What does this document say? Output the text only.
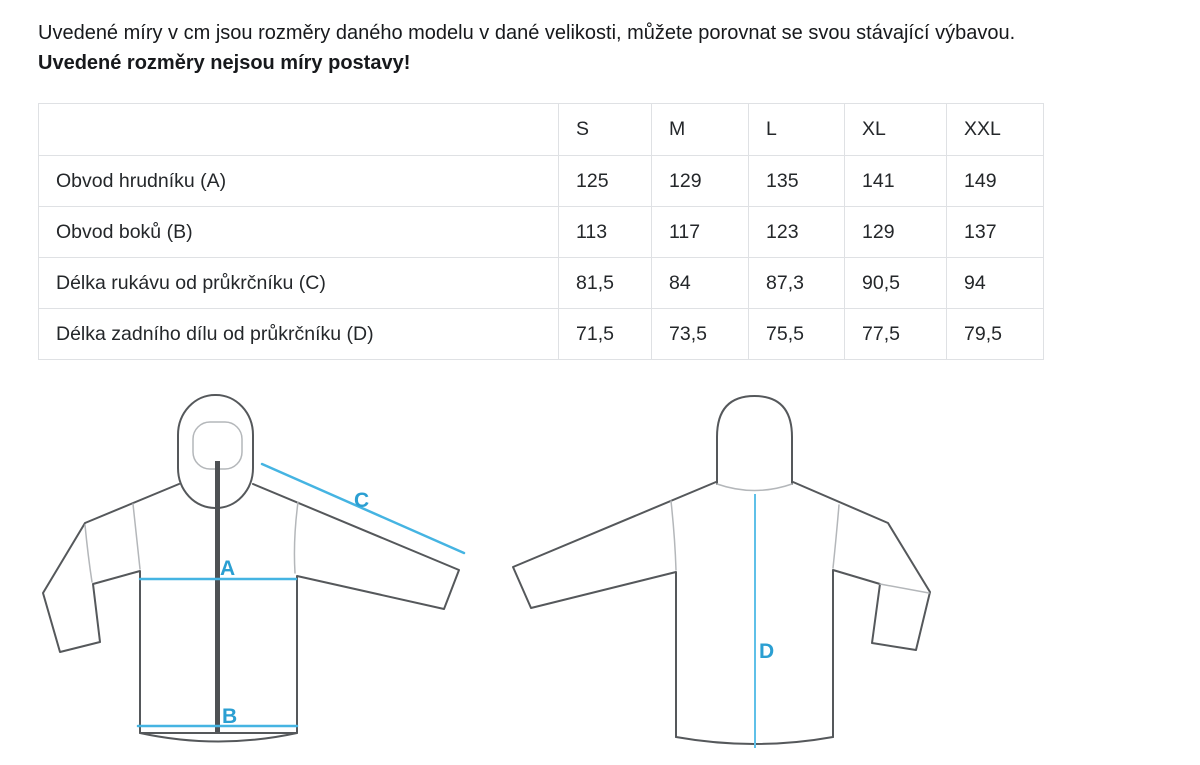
Uvedené míry v cm jsou rozměry daného modelu v dané velikosti, můžete porovnat se svou stávající výbavou.
Uvedené rozměry nejsou míry postavy!
	S	M	L	XL	XXL
Obvod hrudníku (A)	125	129	135	141	149
Obvod boků (B)	113	117	123	129	137
Délka rukávu od průkrčníku (C)	81,5	84	87,3	90,5	94
Délka zadního dílu od průkrčníku (D)	71,5	73,5	75,5	77,5	79,5
A
B
C
D
